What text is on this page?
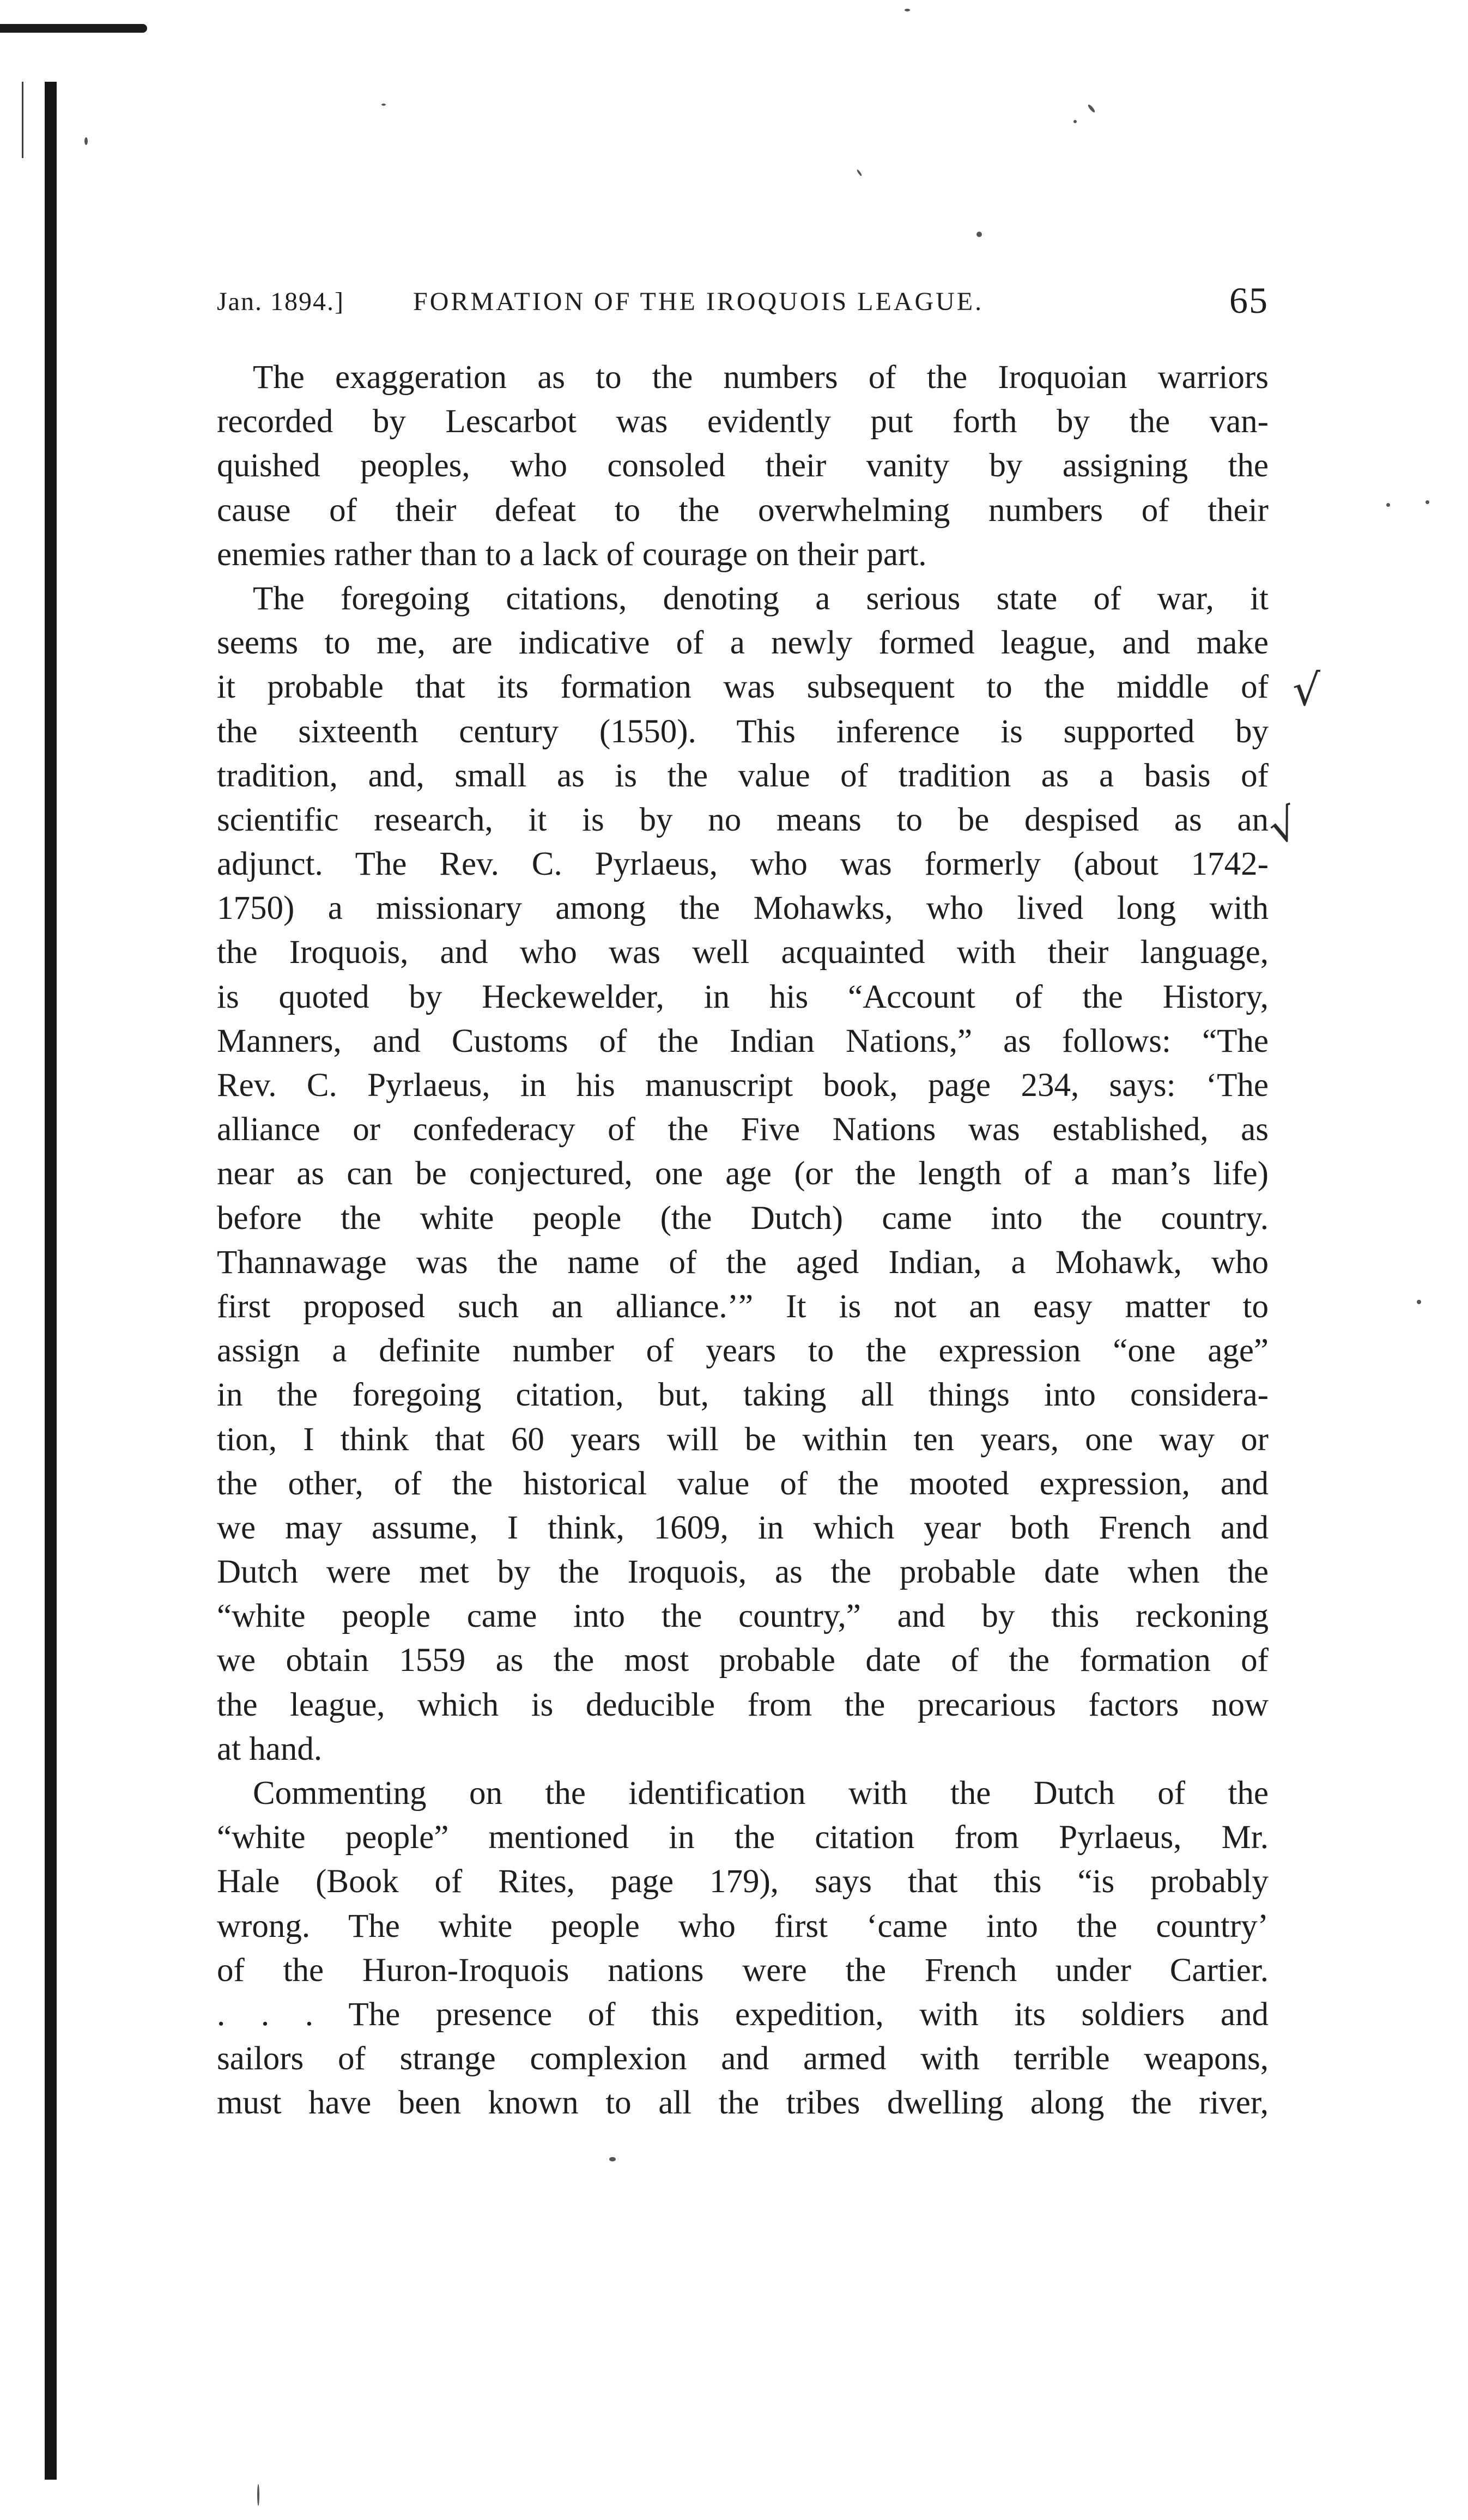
√
√
Jan. 1894.]	FORMATION OF THE IROQUOIS LEAGUE.	65
The exaggeration as to the numbers of the Iroquoian warriors
recorded by Lescarbot was evidently put forth by the van-
quished peoples, who consoled their vanity by assigning the
cause of their defeat to the overwhelming numbers of their
enemies rather than to a lack of courage on their part.
The foregoing citations, denoting a serious state of war, it
seems to me, are indicative of a newly formed league, and make
it probable that its formation was subsequent to the middle of
the sixteenth century (1550). This inference is supported by
tradition, and, small as is the value of tradition as a basis of
scientific research, it is by no means to be despised as an
adjunct. The Rev. C. Pyrlaeus, who was formerly (about 1742-
1750) a missionary among the Mohawks, who lived long with
the Iroquois, and who was well acquainted with their language,
is quoted by Heckewelder, in his “Account of the History,
Manners, and Customs of the Indian Nations,” as follows: “The
Rev. C. Pyrlaeus, in his manuscript book, page 234, says: ‘The
alliance or confederacy of the Five Nations was established, as
near as can be conjectured, one age (or the length of a man’s life)
before the white people (the Dutch) came into the country.
Thannawage was the name of the aged Indian, a Mohawk, who
first proposed such an alliance.’” It is not an easy matter to
assign a definite number of years to the expression “one age”
in the foregoing citation, but, taking all things into considera-
tion, I think that 60 years will be within ten years, one way or
the other, of the historical value of the mooted expression, and
we may assume, I think, 1609, in which year both French and
Dutch were met by the Iroquois, as the probable date when the
“white people came into the country,” and by this reckoning
we obtain 1559 as the most probable date of the formation of
the league, which is deducible from the precarious factors now
at hand.
Commenting on the identification with the Dutch of the
“white people” mentioned in the citation from Pyrlaeus, Mr.
Hale (Book of Rites, page 179), says that this “is probably
wrong. The white people who first ‘came into the country’
of the Huron-Iroquois nations were the French under Cartier.
. . . The presence of this expedition, with its soldiers and
sailors of strange complexion and armed with terrible weapons,
must have been known to all the tribes dwelling along the river,
